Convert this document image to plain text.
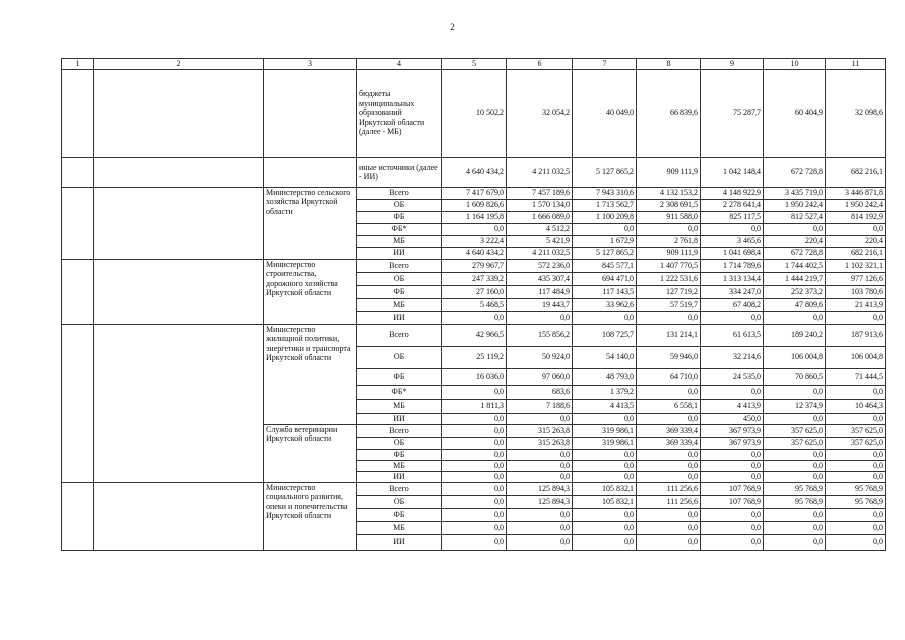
2
1	2	3	4	5	6	7	8	9	10	11
			бюджеты муниципальных образований Иркутской области (далее - МБ)	10 502,2	32 054,2	40 049,0	66 839,6	75 287,7	60 404,9	32 098,6
			иные источники (далее - ИИ)	4 640 434,2	4 211 032,5	5 127 865,2	909 111,9	1 042 148,4	672 728,8	682 216,1
		Министерство сельского хозяйства Иркутской области	Всего	7 417 679,0	7 457 189,6	7 943 310,6	4 132 153,2	4 148 922,9	3 435 719,0	3 446 871,8
			ОБ	1 609 826,6	1 570 134,0	1 713 562,7	2 308 691,5	2 278 641,4	1 950 242,4	1 950 242,4
			ФБ	1 164 195,8	1 666 089,0	1 100 209,8	911 588,0	825 117,5	812 527,4	814 192,9
			ФБ*	0,0	4 512,2	0,0	0,0	0,0	0,0	0,0
			МБ	3 222,4	5 421,9	1 672,9	2 761,8	3 465,6	220,4	220,4
			ИИ	4 640 434,2	4 211 032,5	5 127 865,2	909 111,9	1 041 698,4	672 728,8	682 216,1
		Министерство строительства, дорожного хозяйства Иркутской области	Всего	279 967,7	572 236,0	845 577,1	1 407 770,5	1 714 789,6	1 744 402,5	1 102 321,1
			ОБ	247 339,2	435 307,4	694 471,0	1 222 531,6	1 313 134,4	1 444 219,7	977 126,6
			ФБ	27 160,0	117 484,9	117 143,5	127 719,2	334 247,0	252 373,2	103 780,6
			МБ	5 468,5	19 443,7	33 962,6	57 519,7	67 408,2	47 809,6	21 413,9
			ИИ	0,0	0,0	0,0	0,0	0,0	0,0	0,0
		Министерство жилищной политики, энергетики и транспорта Иркутской области	Всего	42 966,5	155 856,2	108 725,7	131 214,1	61 613,5	189 240,2	187 913,6
			ОБ	25 119,2	50 924,0	54 140,0	59 946,0	32 214,6	106 004,8	106 004,8
			ФБ	16 036,0	97 060,0	48 793,0	64 710,0	24 535,0	70 860,5	71 444,5
			ФБ*	0,0	683,6	1 379,2	0,0	0,0	0,0	0,0
			МБ	1 811,3	7 188,6	4 413,5	6 558,1	4 413,9	12 374,9	10 464,3
			ИИ	0,0	0,0	0,0	0,0	450,0	0,0	0,0
		Служба ветеринарии Иркутской области	Всего	0,0	315 263,8	319 986,1	369 339,4	367 973,9	357 625,0	357 625,0
			ОБ	0,0	315 263,8	319 986,1	369 339,4	367 973,9	357 625,0	357 625,0
			ФБ	0,0	0,0	0,0	0,0	0,0	0,0	0,0
			МБ	0,0	0,0	0,0	0,0	0,0	0,0	0,0
			ИИ	0,0	0,0	0,0	0,0	0,0	0,0	0,0
		Министерство социального развития, опеки и попечительства Иркутской области	Всего	0,0	125 894,3	105 832,1	111 256,6	107 768,9	95 768,9	95 768,9
			ОБ	0,0	125 894,3	105 832,1	111 256,6	107 768,9	95 768,9	95 768,9
			ФБ	0,0	0,0	0,0	0,0	0,0	0,0	0,0
			МБ	0,0	0,0	0,0	0,0	0,0	0,0	0,0
			ИИ	0,0	0,0	0,0	0,0	0,0	0,0	0,0
